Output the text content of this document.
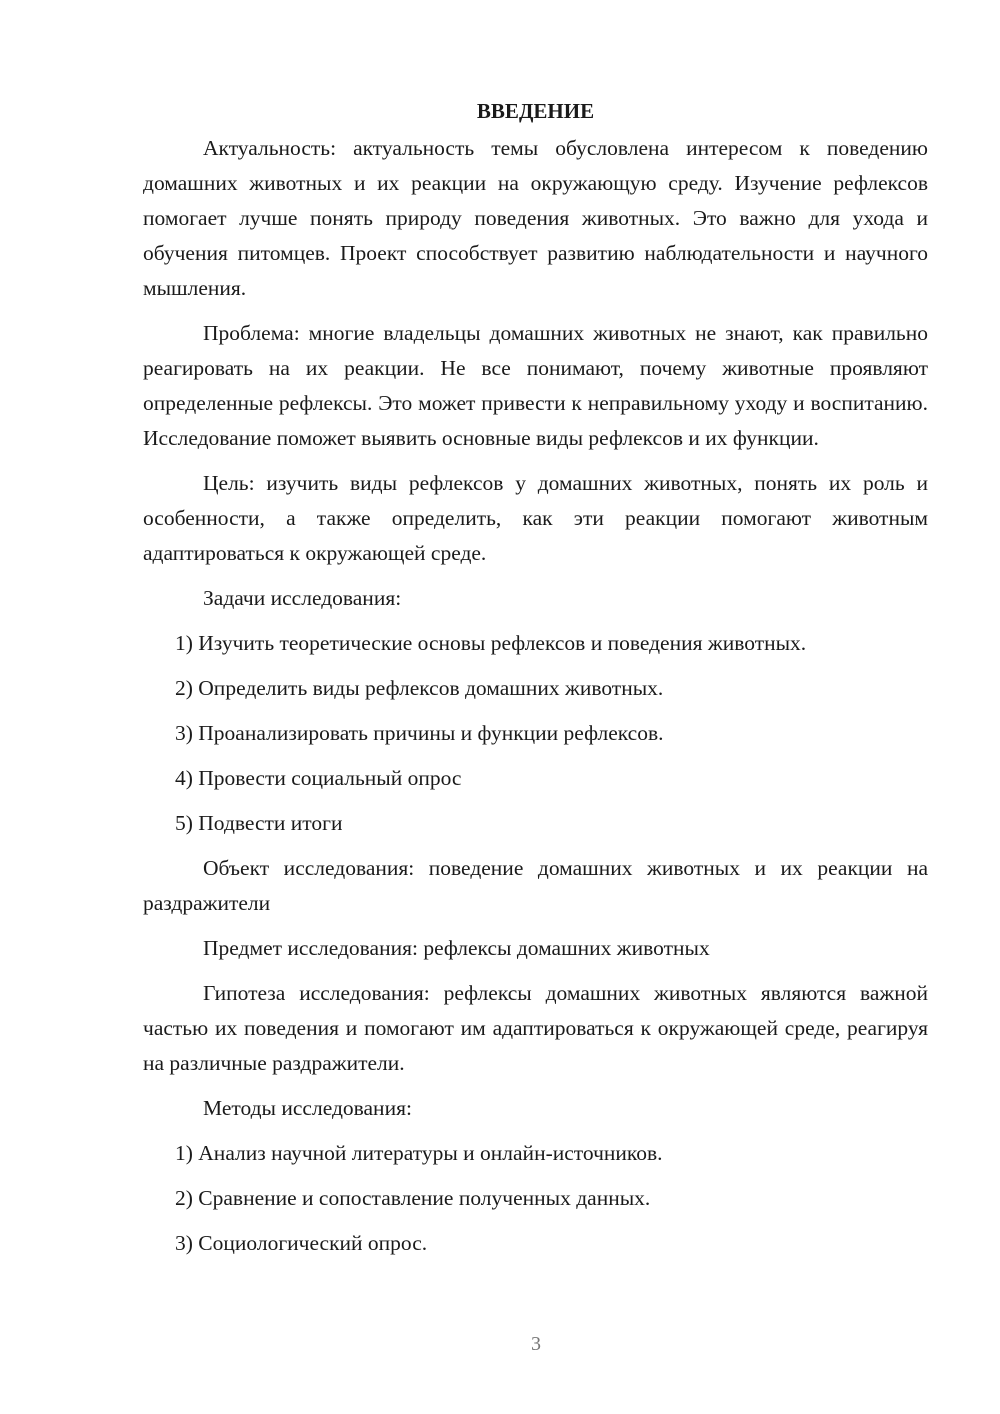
ВВЕДЕНИЕ

Актуальность: актуальность темы обусловлена интересом к поведению домашних животных и их реакции на окружающую среду. Изучение рефлексов помогает лучше понять природу поведения животных. Это важно для ухода и обучения питомцев. Проект способствует развитию наблюдательности и научного мышления.

Проблема: многие владельцы домашних животных не знают, как правильно реагировать на их реакции. Не все понимают, почему животные проявляют определенные рефлексы. Это может привести к неправильному уходу и воспитанию. Исследование поможет выявить основные виды рефлексов и их функции.

Цель: изучить виды рефлексов у домашних животных, понять их роль и особенности, а также определить, как эти реакции помогают животным адаптироваться к окружающей среде.

Задачи исследования:

1) Изучить теоретические основы рефлексов и поведения животных.
2) Определить виды рефлексов домашних животных.
3) Проанализировать причины и функции рефлексов.
4) Провести социальный опрос
5) Подвести итоги

Объект исследования: поведение домашних животных и их реакции на раздражители

Предмет исследования: рефлексы домашних животных

Гипотеза исследования: рефлексы домашних животных являются важной частью их поведения и помогают им адаптироваться к окружающей среде, реагируя на различные раздражители.

Методы исследования:

1) Анализ научной литературы и онлайн-источников.
2) Сравнение и сопоставление полученных данных.
3) Социологический опрос.
3
